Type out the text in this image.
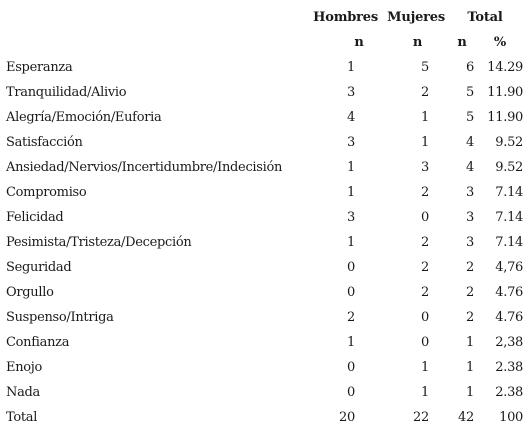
	Hombres	Mujeres	Total	
	n	n	n	%
Esperanza	1	5	6	14.29
Tranquilidad/Alivio	3	2	5	11.90
Alegría/Emoción/Euforia	4	1	5	11.90
Satisfacción	3	1	4	9.52
Ansiedad/Nervios/Incertidumbre/Indecisión	1	3	4	9.52
Compromiso	1	2	3	7.14
Felicidad	3	0	3	7.14
Pesimista/Tristeza/Decepción	1	2	3	7.14
Seguridad	0	2	2	4,76
Orgullo	0	2	2	4.76
Suspenso/Intriga	2	0	2	4.76
Confianza	1	0	1	2,38
Enojo	0	1	1	2.38
Nada	0	1	1	2.38
Total	20	22	42	100
